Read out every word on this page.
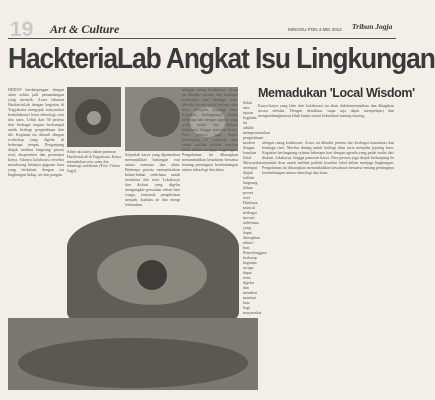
19 Art & Culture	MINGGU PON 4 MEI 2014 Tribun Jogja
HackteriaLab Angkat Isu Lingkungan

IHIDUP berdampingan dengan alam selalu jadi pemandangan yang menarik. Acara tahunan HackteriaLab dengan kegiatan di Yogyakarta mengajak masyarakat berkolaborasi lewat teknologi, seni dan sains. Lebih dari 50 peserta dari berbagai negara berkumpul untuk berbagi pengetahuan dan ide. Kegiatan ini diawali dengan workshop yang digelar di beberapa tempat. Pengunjung diajak melihat langsung proses riset, eksperimen dan presentasi karya. Adanya kolaborasi tersebut mendorong lahirnya gagasan baru yang berkaitan dengan isu lingkungan hidup, air dan pangan.

Salah satu karya dalam pameran HackteriaLab di Yogyakarta. Karya memadukan seni, sains dan teknologi sederhana. (Foto: Tribun Jogja)

Sejumlah karya yang dipamerkan menunjukkan hubungan erat antara manusia dan alam. Beberapa peserta memanfaatkan bahan-bahan sederhana untuk membuat alat riset. Lokakarya dan diskusi yang digelar mengangkat persoalan sehari-hari warga, termasuk pengelolaan sampah, kualitas air dan energi terbarukan.

sebagai ruang kolaborasi. Acara ini dihadiri peserta dari berbagai komunitas dan lembaga riset. Mereka datang untuk berbagi ilmu serta menjalin jejaring baru. Kegiatan berlangsung selama beberapa hari dengan agenda yang padat mulai dari diskusi, lokakarya, hingga pameran karya. Para peserta juga diajak berkunjung ke sejumlah desa untuk melihat praktik kearifan lokal dalam menjaga lingkungan. Pengalaman ini diharapkan menumbuhkan kesadaran bersama tentang pentingnya keseimbangan antara teknologi dan alam.

Salah satu tujuan kegiatan ini adalah mempertemukan pengetahuan modern dengan kearifan lokal. Masyarakat setempat diajak terlibat langsung dalam proses riset. Hasilnya, muncul berbagai inovasi sederhana yang dapat diterapkan sehari-hari. Penyelenggara berharap kegiatan serupa dapat terus digelar dan memberi manfaat luas bagi masyarakat.

Memadukan 'Local Wisdom'

Karya-karya yang lahir dari kolaborasi ini akan didokumentasikan dan dibagikan secara terbuka. Dengan demikian, siapa saja dapat mempelajari dan mengembangkannya lebih lanjut sesuai kebutuhan masing-masing.

sebagai ruang kolaborasi. Acara ini dihadiri peserta dari berbagai komunitas dan lembaga riset. Mereka datang untuk berbagi ilmu serta menjalin jejaring baru. Kegiatan berlangsung selama beberapa hari dengan agenda yang padat mulai dari diskusi, lokakarya, hingga pameran karya. Para peserta juga diajak berkunjung ke sejumlah desa untuk melihat praktik kearifan lokal dalam menjaga lingkungan. Pengalaman ini diharapkan menumbuhkan kesadaran bersama tentang pentingnya keseimbangan antara teknologi dan alam.
